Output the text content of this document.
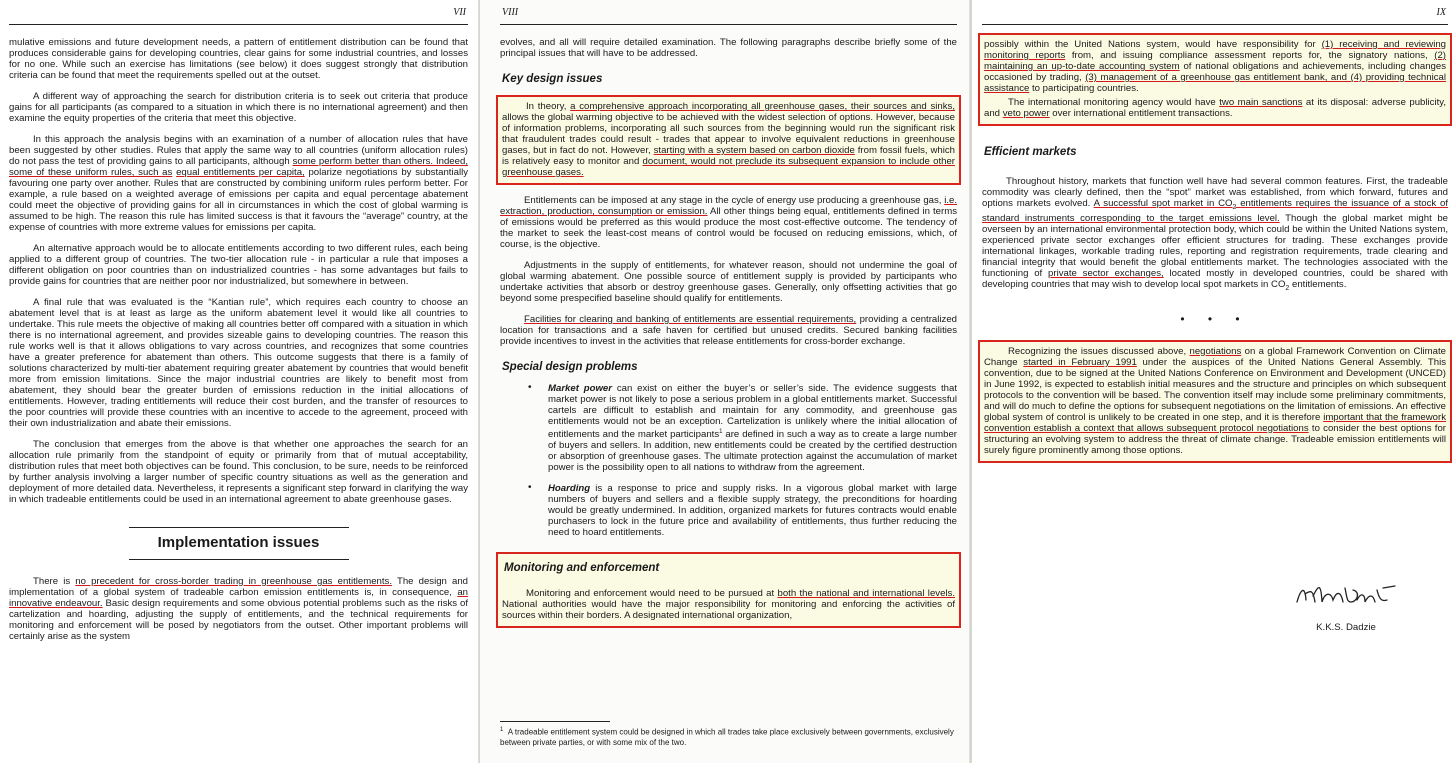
VII

mulative emissions and future development needs, a pattern of entitlement distribution can be found that produces considerable gains for developing countries, clear gains for some industrial countries, and losses for no one. While such an exercise has limitations (see below) it does suggest strongly that distribution criteria can be found that meet the requirements spelled out at the outset.

A different way of approaching the search for distribution criteria is to seek out criteria that produce gains for all participants (as compared to a situation in which there is no international agreement) and then examine the equity properties of the criteria that meet this objective.

In this approach the analysis begins with an examination of a number of allocation rules that have been suggested by other studies. Rules that apply the same way to all countries (uniform allocation rules) do not pass the test of providing gains to all participants, although some perform better than others. Indeed, some of these uniform rules, such as equal entitlements per capita, polarize negotiations by substantially favouring one party over another. Rules that are constructed by combining uniform rules perform better. For example, a rule based on a weighted average of emissions per capita and equal percentage abatement could meet the objective of providing gains for all in circumstances in which the cost of global warming is assumed to be high. The reason this rule has limited success is that it favours the “average” country, at the expense of countries with more extreme values for emissions per capita.

An alternative approach would be to allocate entitlements according to two different rules, each being applied to a different group of countries. The two-tier allocation rule - in particular a rule that imposes a different obligation on poor countries than on industrialized countries - has some advantages but fails to provide gains for countries that are neither poor nor industrialized, but somewhere in between.

A final rule that was evaluated is the “Kantian rule”, which requires each country to choose an abatement level that is at least as large as the uniform abatement level it would like all countries to undertake. This rule meets the objective of making all countries better off compared with a situation in which there is no international agreement, and provides sizeable gains to developing countries. The reason this rule works well is that it allows obligations to vary across countries, and recognizes that some countries have a greater preference for abatement than others. This outcome suggests that there is a family of solutions characterized by multi-tier abatement requiring greater abatement by countries that would benefit more from emission limitations. Since the major industrial countries are likely to benefit most from abatement, they should bear the greater burden of emissions reduction in the initial allocations of entitlements. However, trading entitlements will reduce their cost burden, and the transfer of resources to the poor countries will provide these countries with an incentive to accede to the agreement, proceed with their own industrialization and abate their emissions.

The conclusion that emerges from the above is that whether one approaches the search for an allocation rule primarily from the standpoint of equity or primarily from that of mutual acceptability, distribution rules that meet both objectives can be found. This conclusion, to be sure, needs to be reinforced by further analysis involving a larger number of specific country situations as well as the generation and deployment of more detailed data. Nevertheless, it represents a significant step forward in clarifying the way in which tradeable entitlements could be used in an international agreement to abate greenhouse gases.

Implementation issues

There is no precedent for cross-border trading in greenhouse gas entitlements. The design and implementation of a global system of tradeable carbon emission entitlements is, in consequence, an innovative endeavour. Basic design requirements and some obvious potential problems such as the risks of cartelization and hoarding, adjusting the supply of entitlements, and the technical requirements for monitoring and enforcement will be posed by negotiators from the outset. Other important problems will certainly arise as the system

VIII

evolves, and all will require detailed examination. The following paragraphs describe briefly some of the principal issues that will have to be addressed.

Key design issues

In theory, a comprehensive approach incorporating all greenhouse gases, their sources and sinks, allows the global warming objective to be achieved with the widest selection of options. However, because of information problems, incorporating all such sources from the beginning would run the significant risk that fraudulent trades could result - trades that appear to involve equivalent reductions in greenhouse gases, but in fact do not. However, starting with a system based on carbon dioxide from fossil fuels, which is relatively easy to monitor and document, would not preclude its subsequent expansion to include other greenhouse gases.

Entitlements can be imposed at any stage in the cycle of energy use producing a greenhouse gas, i.e. extraction, production, consumption or emission. All other things being equal, entitlements defined in terms of emissions would be preferred as this would produce the most cost-effective outcome. The tendency of the market to seek the least-cost means of control would be focused on reducing emissions, which, of course, is the objective.

Adjustments in the supply of entitlements, for whatever reason, should not undermine the goal of global warming abatement. One possible source of entitlement supply is provided by participants who undertake activities that absorb or destroy greenhouse gases. Generally, only offsetting activities that go beyond some prespecified baseline should qualify for entitlements.

Facilities for clearing and banking of entitlements are essential requirements, providing a centralized location for transactions and a safe haven for certified but unused credits. Secured banking facilities provide incentives to invest in the activities that release entitlements for cross-border exchange.

Special design problems

• Market power can exist on either the buyer’s or seller’s side. The evidence suggests that market power is not likely to pose a serious problem in a global entitlements market. Successful cartels are difficult to establish and maintain for any commodity, and greenhouse gas entitlements would not be an exception. Cartelization is unlikely where the initial allocation of entitlements and the market participants$^1$ are defined in such a way as to create a large number of buyers and sellers. In addition, new entitlements could be created by the certified destruction or absorption of greenhouse gases. The ultimate protection against the accumulation of market power is the possibility open to all nations to withdraw from the agreement.

• Hoarding is a response to price and supply risks. In a vigorous global market with large numbers of buyers and sellers and a flexible supply strategy, the preconditions for hoarding would be greatly undermined. In addition, organized markets for futures contracts would enable purchasers to lock in the future price and availability of entitlements, thus further reducing the need to hoard entitlements.

Monitoring and enforcement

Monitoring and enforcement would need to be pursued at both the national and international levels. National authorities would have the major responsibility for monitoring and enforcing the activities of sources within their borders. A designated international organization,

$^1$ A tradeable entitlement system could be designed in which all trades take place exclusively between governments, exclusively between private parties, or with some mix of the two.
IX

possibly within the United Nations system, would have responsibility for (1) receiving and reviewing monitoring reports from, and issuing compliance assessment reports for, the signatory nations, (2) maintaining an up-to-date accounting system of national obligations and achievements, including changes occasioned by trading, (3) management of a greenhouse gas entitlement bank, and (4) providing technical assistance to participating countries.

The international monitoring agency would have two main sanctions at its disposal: adverse publicity, and veto power over international entitlement transactions.

Efficient markets

Throughout history, markets that function well have had several common features. First, the tradeable commodity was clearly defined, then the “spot” market was established, from which forward, futures and options markets evolved. A successful spot market in $CO_2$ entitlements requires the issuance of a stock of standard instruments corresponding to the target emissions level. Though the global market might be overseen by an international environmental protection body, which could be within the United Nations system, experienced private sector exchanges offer efficient structures for trading. These exchanges provide international linkages, workable trading rules, reporting and registration requirements, trade clearing and financial integrity that would benefit the global entitlements market. The technologies associated with the functioning of private sector exchanges, located mostly in developed countries, could be shared with developing countries that may wish to develop local spot markets in $CO_2$ entitlements.

• • •

Recognizing the issues discussed above, negotiations on a global Framework Convention on Climate Change started in February 1991 under the auspices of the United Nations General Assembly. This convention, due to be signed at the United Nations Conference on Environment and Development (UNCED) in June 1992, is expected to establish initial measures and the structure and principles on which subsequent protocols to the convention will be based. The convention itself may include some preliminary commitments, and will do much to define the options for subsequent negotiations on the limitation of emissions. An effective global system of control is unlikely to be created in one step, and it is therefore important that the framework convention establish a context that allows subsequent protocol negotiations to consider the best options for structuring an evolving system to address the threat of climate change. Tradeable emission entitlements will surely figure prominently among those options.

K.K.S. Dadzie
